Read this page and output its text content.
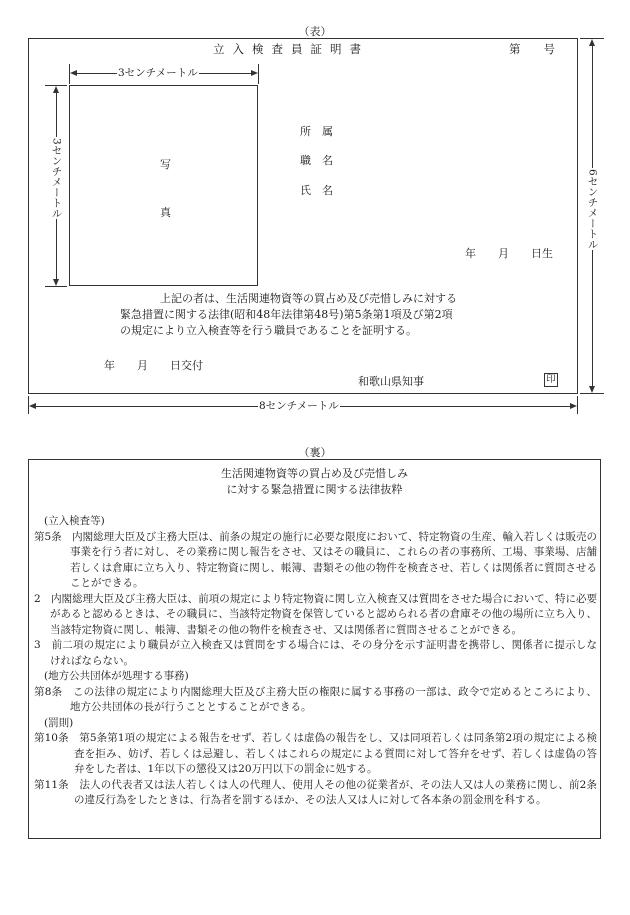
（表）
立入検査員証明書	第　　号
3センチメートル
写
真
3センチメートル
所　属
職　名
氏　名
年　　月　　日生
上記の者は、生活関連物資等の買占め及び売惜しみに対する緊急措置に関する法律(昭和48年法律第48号)第5条第1項及び第2項の規定により立入検査等を行う職員であることを証明する。
年　　月　　日交付
和歌山県知事	印
6センチメートル
8センチメートル
（裏）
生活関連物資等の買占め及び売惜しみ
に対する緊急措置に関する法律抜粋
(立入検査等)
第5条　内閣総理大臣及び主務大臣は、前条の規定の施行に必要な限度において、特定物資の生産、輸入若しくは販売の事業を行う者に対し、その業務に関し報告をさせ、又はその職員に、これらの者の事務所、工場、事業場、店舗若しくは倉庫に立ち入り、特定物資に関し、帳簿、書類その他の物件を検査させ、若しくは関係者に質問させることができる。
2　内閣総理大臣及び主務大臣は、前項の規定により特定物資に関し立入検査又は質問をさせた場合において、特に必要があると認めるときは、その職員に、当該特定物資を保管していると認められる者の倉庫その他の場所に立ち入り、当該特定物資に関し、帳簿、書類その他の物件を検査させ、又は関係者に質問させることができる。
3　前二項の規定により職員が立入検査又は質問をする場合には、その身分を示す証明書を携帯し、関係者に提示しなければならない。
(地方公共団体が処理する事務)
第8条　この法律の規定により内閣総理大臣及び主務大臣の権限に属する事務の一部は、政令で定めるところにより、地方公共団体の長が行うこととすることができる。
(罰則)
第10条　第5条第1項の規定による報告をせず、若しくは虚偽の報告をし、又は同項若しくは同条第2項の規定による検査を拒み、妨げ、若しくは忌避し、若しくはこれらの規定による質問に対して答弁をせず、若しくは虚偽の答弁をした者は、1年以下の懲役又は20万円以下の罰金に処する。
第11条　法人の代表者又は法人若しくは人の代理人、使用人その他の従業者が、その法人又は人の業務に関し、前2条の違反行為をしたときは、行為者を罰するほか、その法人又は人に対して各本条の罰金刑を科する。
